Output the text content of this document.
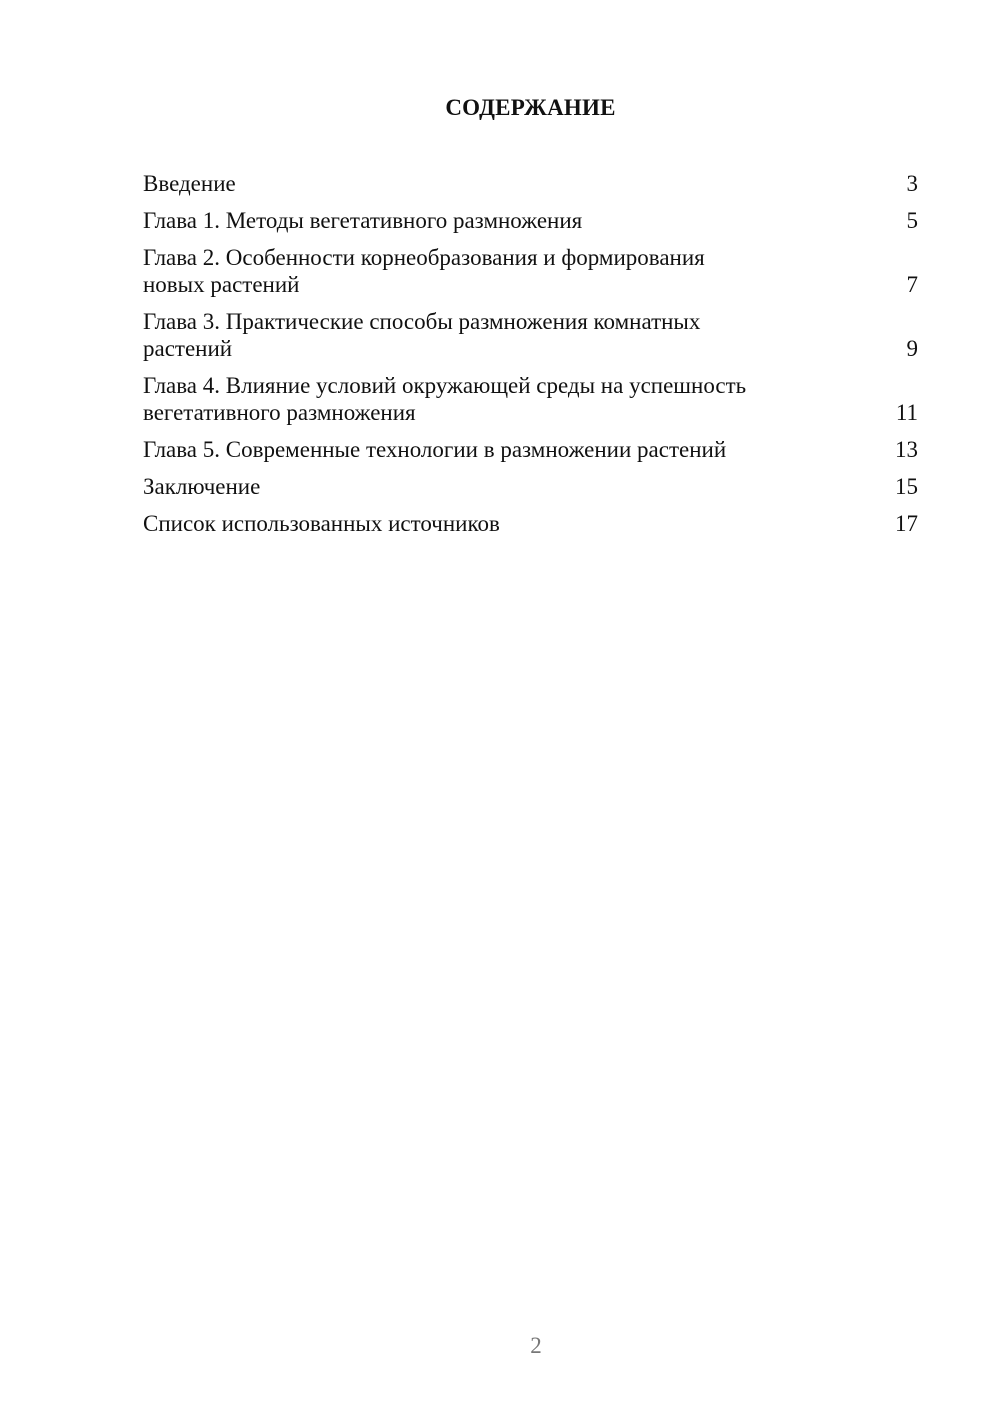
СОДЕРЖАНИЕ
Введение	3
Глава 1. Методы вегетативного размножения	5
Глава 2. Особенности корнеобразования и формирования
новых растений	7
Глава 3. Практические способы размножения комнатных
растений	9
Глава 4. Влияние условий окружающей среды на успешность
вегетативного размножения	11
Глава 5. Современные технологии в размножении растений	13
Заключение	15
Список использованных источников	17
2
